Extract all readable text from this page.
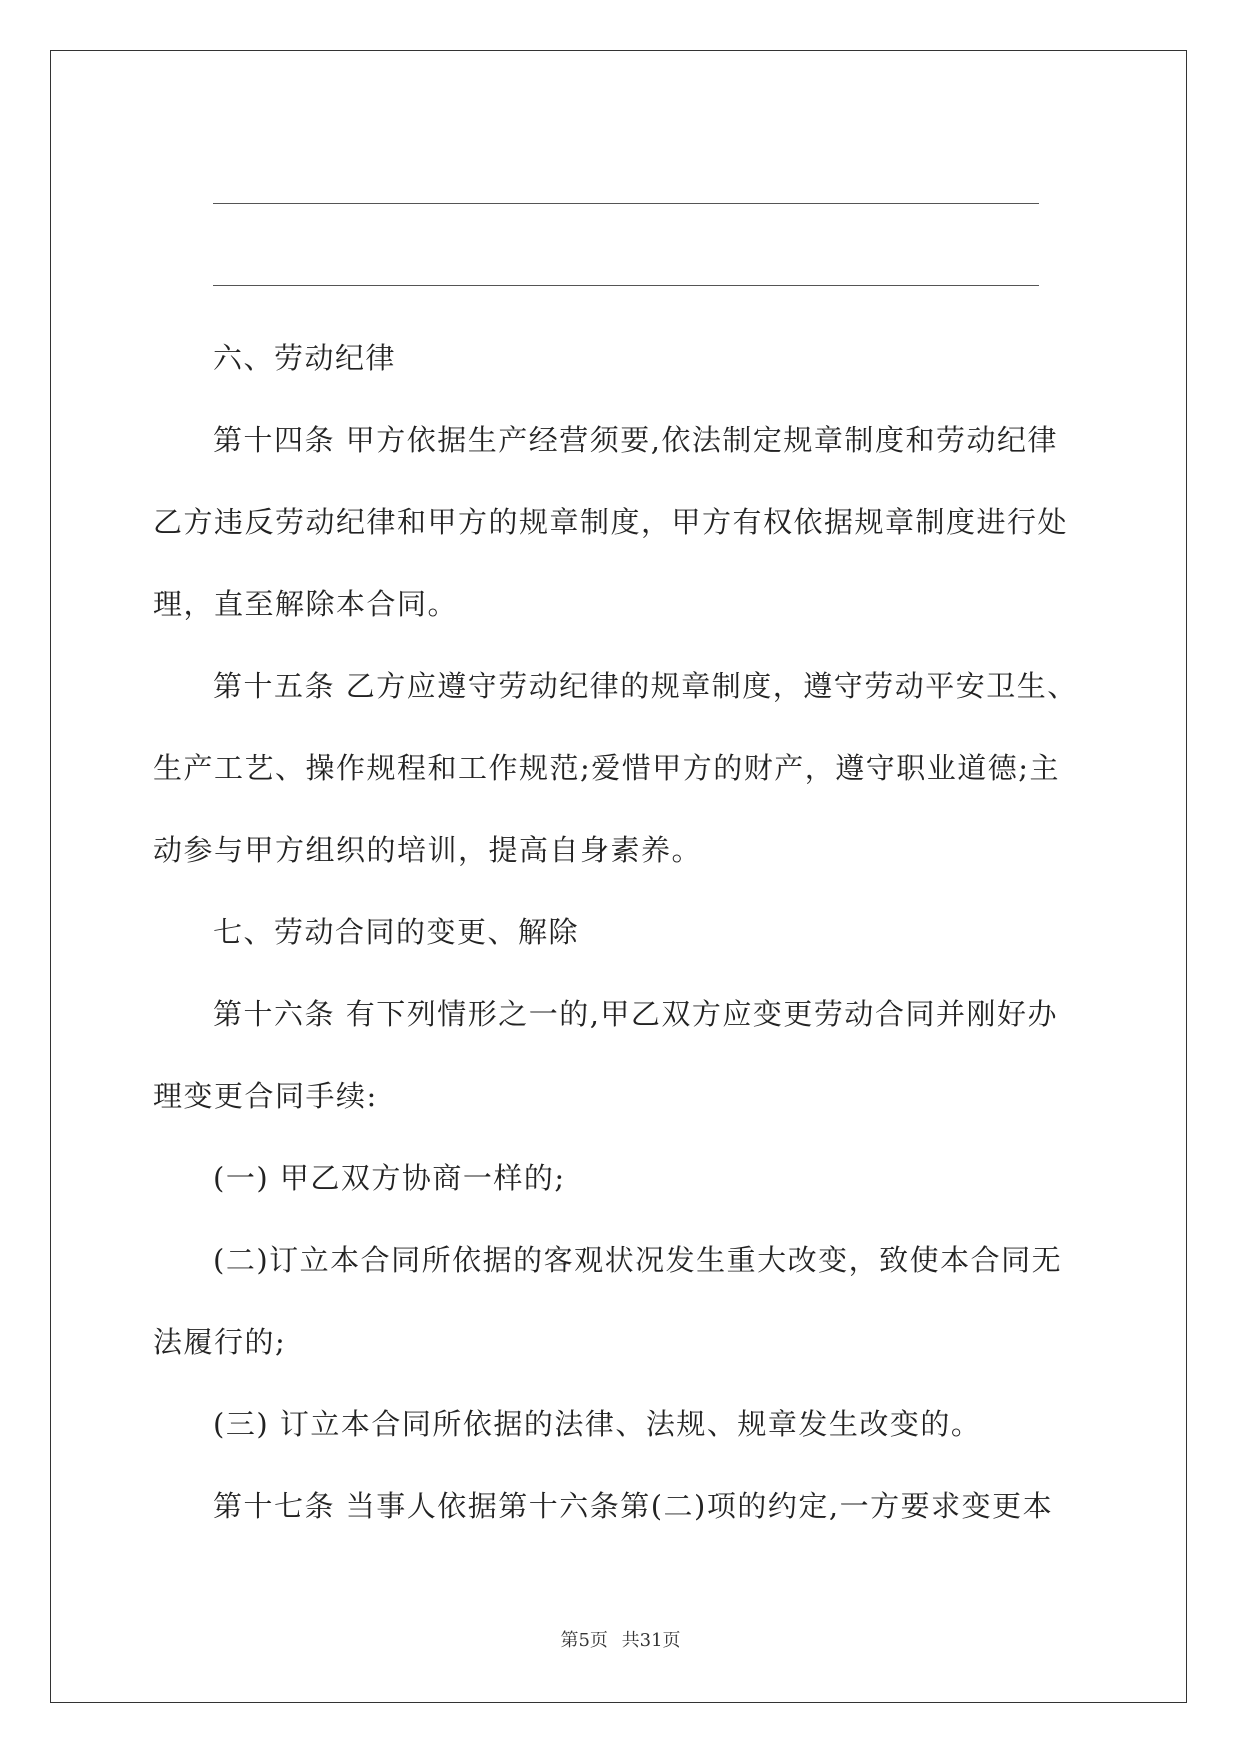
六、劳动纪律
第十四条 甲方依据生产经营须要,依法制定规章制度和劳动纪律
乙方违反劳动纪律和甲方的规章制度，甲方有权依据规章制度进行处
理，直至解除本合同。
第十五条 乙方应遵守劳动纪律的规章制度，遵守劳动平安卫生、
生产工艺、操作规程和工作规范;爱惜甲方的财产，遵守职业道德;主
动参与甲方组织的培训，提高自身素养。
七、劳动合同的变更、解除
第十六条 有下列情形之一的,甲乙双方应变更劳动合同并刚好办
理变更合同手续:
(一) 甲乙双方协商一样的;
(二)订立本合同所依据的客观状况发生重大改变，致使本合同无
法履行的;
(三) 订立本合同所依据的法律、法规、规章发生改变的。
第十七条 当事人依据第十六条第(二)项的约定,一方要求变更本
第5页 共31页
